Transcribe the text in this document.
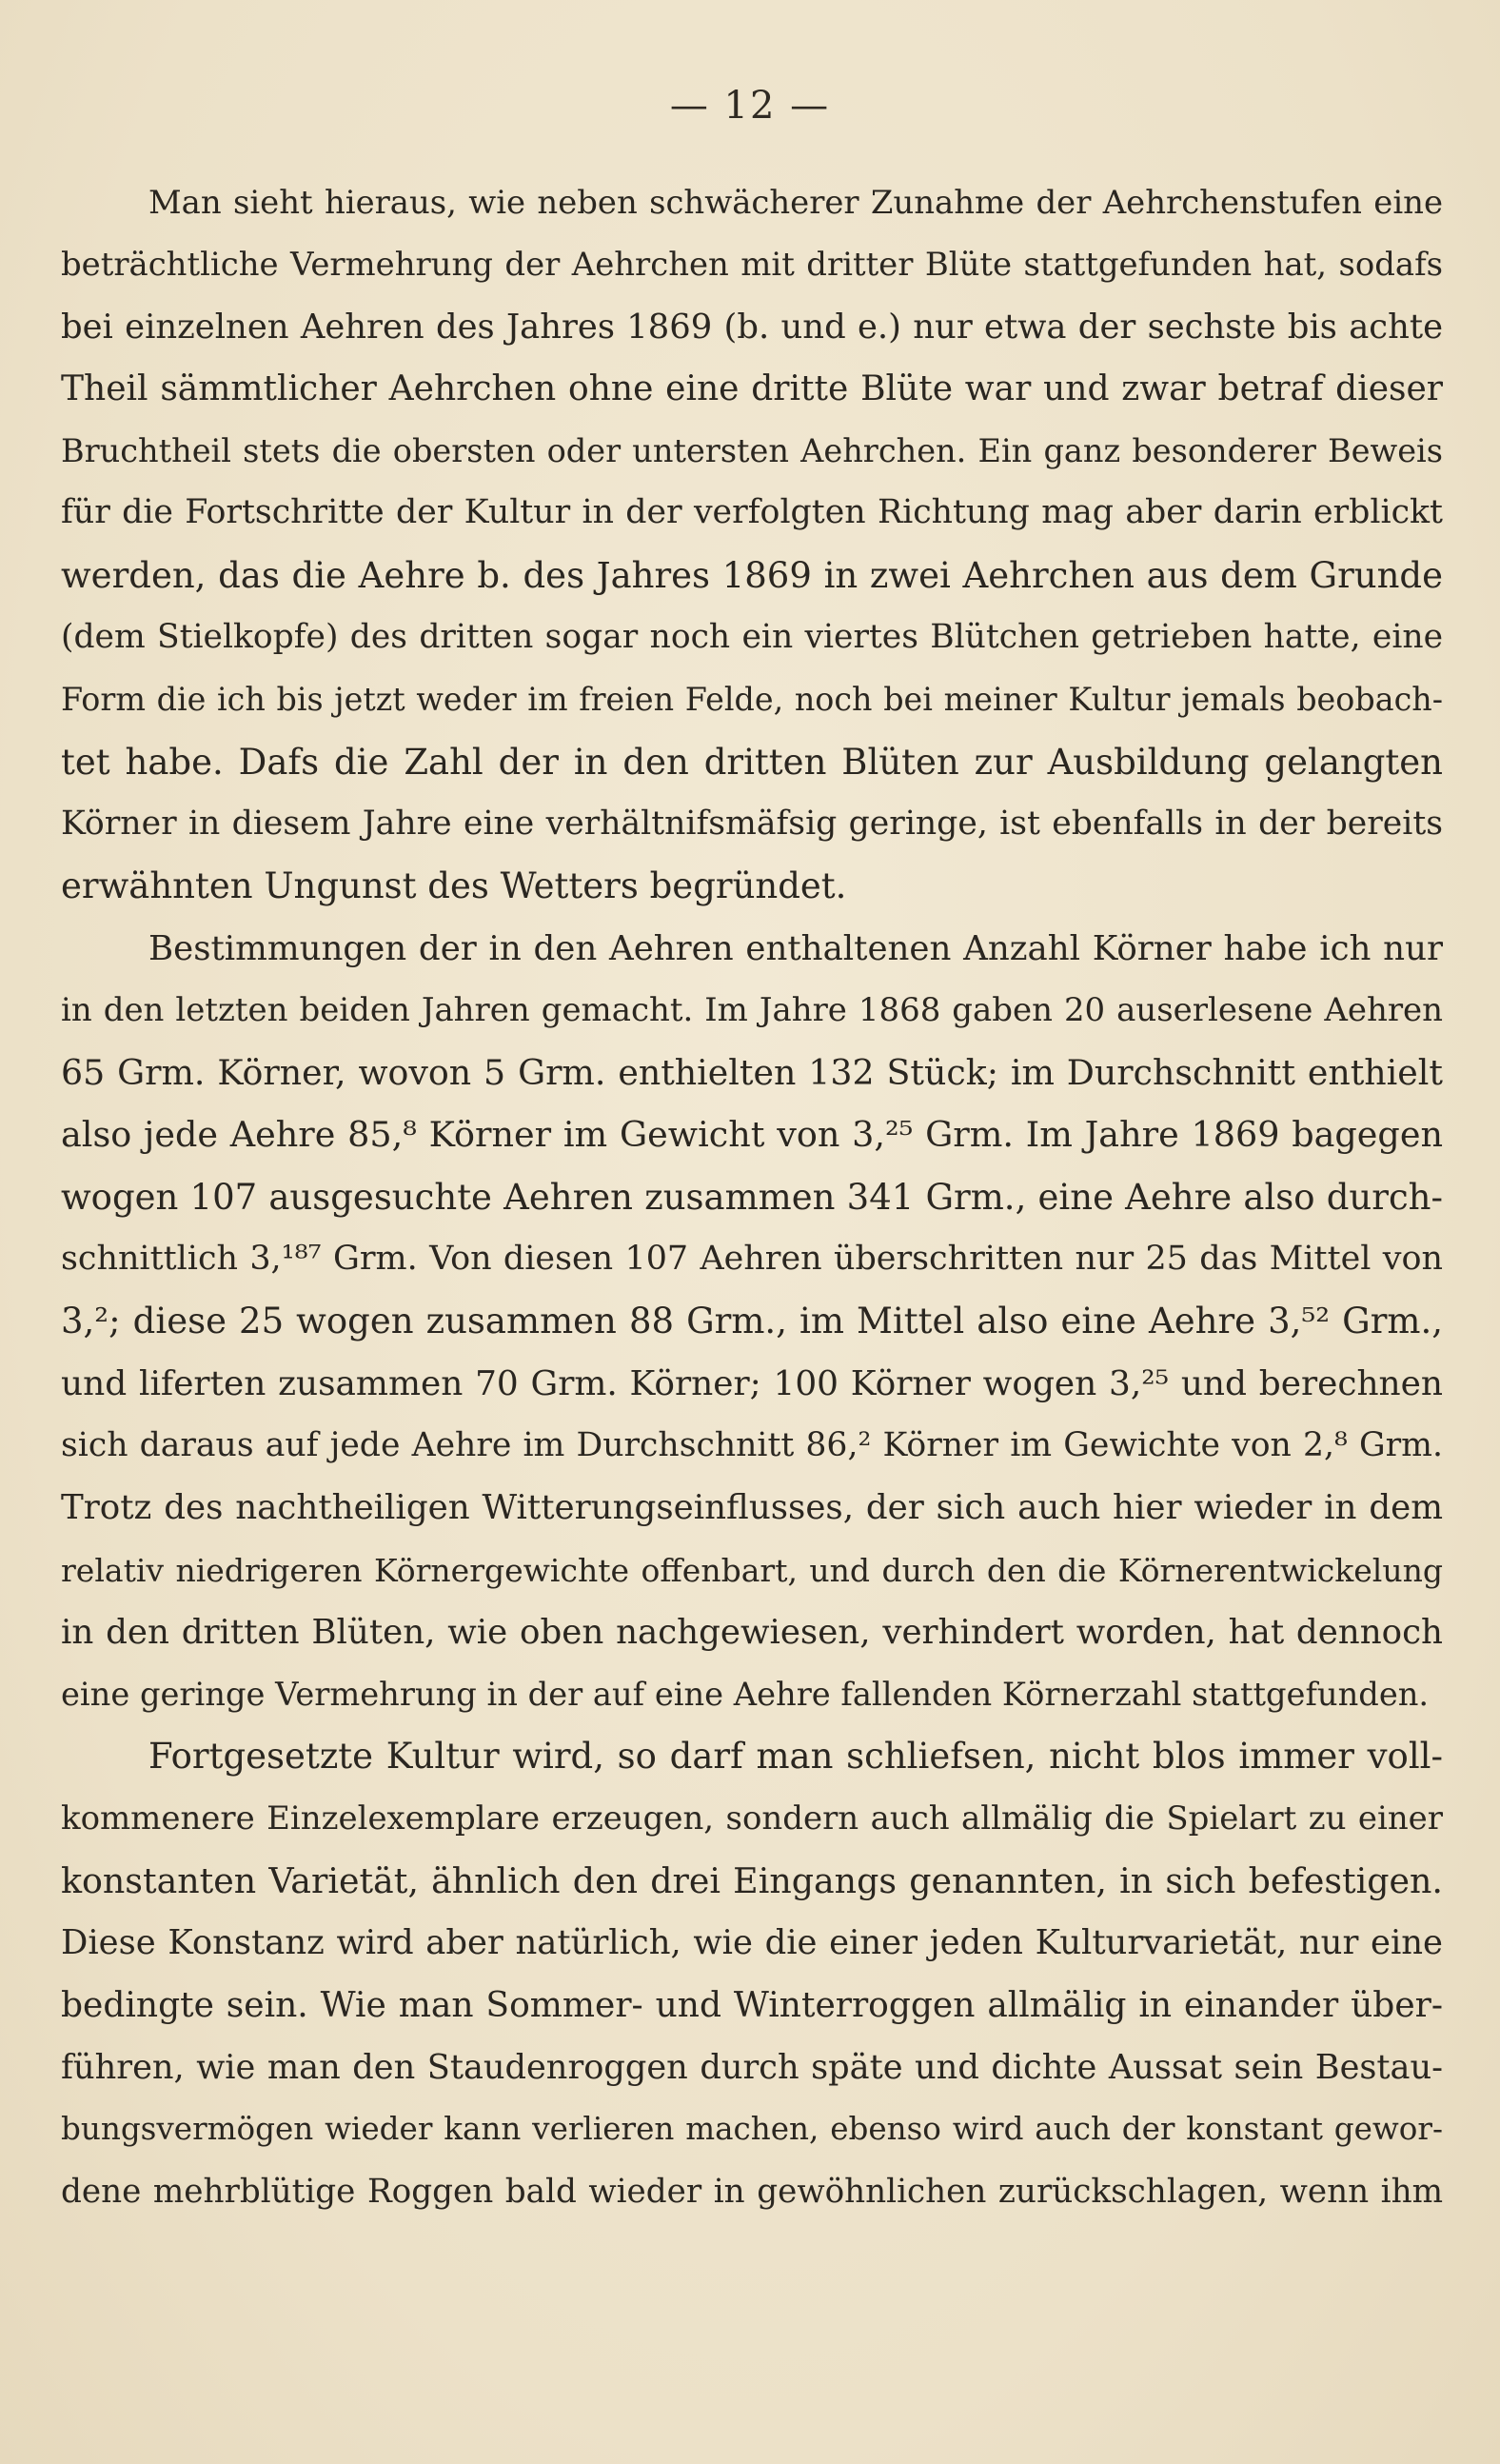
— 12 —
Man sieht hieraus, wie neben schwächerer Zunahme der Aehrchenstufen eine
beträchtliche Vermehrung der Aehrchen mit dritter Blüte stattgefunden hat, sodafs
bei einzelnen Aehren des Jahres 1869 (b. und e.) nur etwa der sechste bis achte
Theil sämmtlicher Aehrchen ohne eine dritte Blüte war und zwar betraf dieser
Bruchtheil stets die obersten oder untersten Aehrchen. Ein ganz besonderer Beweis
für die Fortschritte der Kultur in der verfolgten Richtung mag aber darin erblickt
werden, das die Aehre b. des Jahres 1869 in zwei Aehrchen aus dem Grunde
(dem Stielkopfe) des dritten sogar noch ein viertes Blütchen getrieben hatte, eine
Form die ich bis jetzt weder im freien Felde, noch bei meiner Kultur jemals beobach-
tet habe. Dafs die Zahl der in den dritten Blüten zur Ausbildung gelangten
Körner in diesem Jahre eine verhältnifsmäfsig geringe, ist ebenfalls in der bereits
erwähnten Ungunst des Wetters begründet.
Bestimmungen der in den Aehren enthaltenen Anzahl Körner habe ich nur
in den letzten beiden Jahren gemacht. Im Jahre 1868 gaben 20 auserlesene Aehren
65 Grm. Körner, wovon 5 Grm. enthielten 132 Stück; im Durchschnitt enthielt
also jede Aehre 85,⁸ Körner im Gewicht von 3,²⁵ Grm. Im Jahre 1869 bagegen
wogen 107 ausgesuchte Aehren zusammen 341 Grm., eine Aehre also durch-
schnittlich 3,¹⁸⁷ Grm. Von diesen 107 Aehren überschritten nur 25 das Mittel von
3,²; diese 25 wogen zusammen 88 Grm., im Mittel also eine Aehre 3,⁵² Grm.,
und liferten zusammen 70 Grm. Körner; 100 Körner wogen 3,²⁵ und berechnen
sich daraus auf jede Aehre im Durchschnitt 86,² Körner im Gewichte von 2,⁸ Grm.
Trotz des nachtheiligen Witterungseinflusses, der sich auch hier wieder in dem
relativ niedrigeren Körnergewichte offenbart, und durch den die Körnerentwickelung
in den dritten Blüten, wie oben nachgewiesen, verhindert worden, hat dennoch
eine geringe Vermehrung in der auf eine Aehre fallenden Körnerzahl stattgefunden.
Fortgesetzte Kultur wird, so darf man schliefsen, nicht blos immer voll-
kommenere Einzelexemplare erzeugen, sondern auch allmälig die Spielart zu einer
konstanten Varietät, ähnlich den drei Eingangs genannten, in sich befestigen.
Diese Konstanz wird aber natürlich, wie die einer jeden Kulturvarietät, nur eine
bedingte sein. Wie man Sommer- und Winterroggen allmälig in einander über-
führen, wie man den Staudenroggen durch späte und dichte Aussat sein Bestau-
bungsvermögen wieder kann verlieren machen, ebenso wird auch der konstant gewor-
dene mehrblütige Roggen bald wieder in gewöhnlichen zurückschlagen, wenn ihm
